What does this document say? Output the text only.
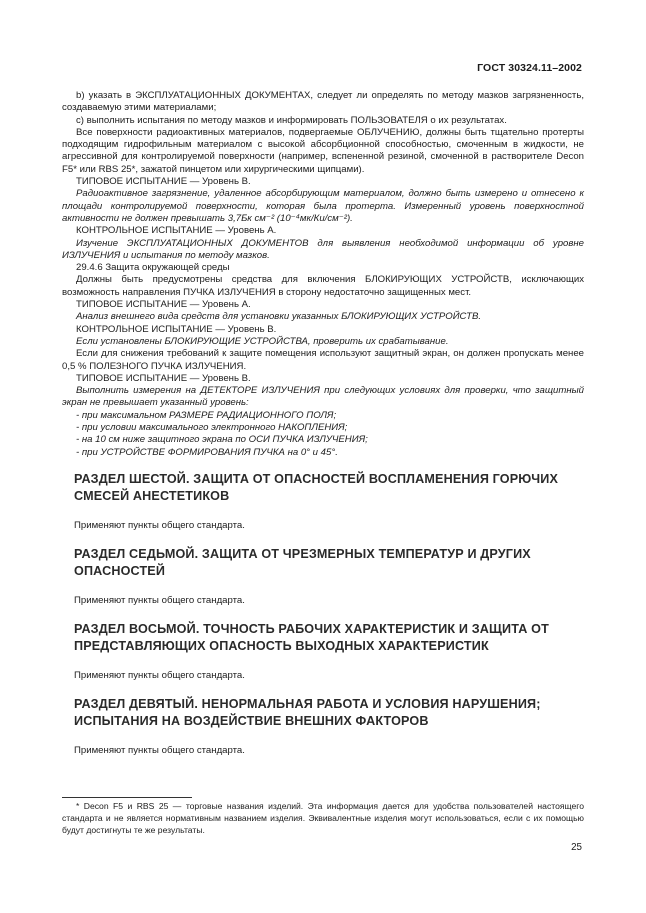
ГОСТ 30324.11–2002

b) указать в ЭКСПЛУАТАЦИОННЫХ ДОКУМЕНТАХ, следует ли определять по методу мазков загрязненность, создаваемую этими материалами;

с) выполнить испытания по методу мазков и информировать ПОЛЬЗОВАТЕЛЯ о их результатах.

Все поверхности радиоактивных материалов, подвергаемые ОБЛУЧЕНИЮ, должны быть тщательно протерты подходящим гидрофильным материалом с высокой абсорбционной способностью, смоченным в жидкости, не агрессивной для контролируемой поверхности (например, вспененной резиной, смоченной в растворителе Decon F5* или RBS 25*, зажатой пинцетом или хирургическими щипцами).

ТИПОВОЕ ИСПЫТАНИЕ — Уровень В.

Радиоактивное загрязнение, удаленное абсорбирующим материалом, должно быть измерено и отнесено к площади контролируемой поверхности, которая была протерта. Измеренный уровень поверхностной активности не должен превышать 3,7Бк см⁻² (10⁻⁴мк/Ки/см⁻²).

КОНТРОЛЬНОЕ ИСПЫТАНИЕ — Уровень А.

Изучение ЭКСПЛУАТАЦИОННЫХ ДОКУМЕНТОВ для выявления необходимой информации об уровне ИЗЛУЧЕНИЯ и испытания по методу мазков.

29.4.6 Защита окружающей среды

Должны быть предусмотрены средства для включения БЛОКИРУЮЩИХ УСТРОЙСТВ, исключающих возможность направления ПУЧКА ИЗЛУЧЕНИЯ в сторону недостаточно защищенных мест.

ТИПОВОЕ ИСПЫТАНИЕ — Уровень А.

Анализ внешнего вида средств для установки указанных БЛОКИРУЮЩИХ УСТРОЙСТВ.

КОНТРОЛЬНОЕ ИСПЫТАНИЕ — Уровень В.

Если установлены БЛОКИРУЮЩИЕ УСТРОЙСТВА, проверить их срабатывание.

Если для снижения требований к защите помещения используют защитный экран, он должен пропускать менее 0,5 % ПОЛЕЗНОГО ПУЧКА ИЗЛУЧЕНИЯ.

ТИПОВОЕ ИСПЫТАНИЕ — Уровень В.

Выполнить измерения на ДЕТЕКТОРЕ ИЗЛУЧЕНИЯ при следующих условиях для проверки, что защитный экран не превышает указанный уровень:

- при максимальном РАЗМЕРЕ РАДИАЦИОННОГО ПОЛЯ;

- при условии максимального электронного НАКОПЛЕНИЯ;

- на 10 см ниже защитного экрана по ОСИ ПУЧКА ИЗЛУЧЕНИЯ;

- при УСТРОЙСТВЕ ФОРМИРОВАНИЯ ПУЧКА на 0° и 45°.

РАЗДЕЛ ШЕСТОЙ. ЗАЩИТА ОТ ОПАСНОСТЕЙ ВОСПЛАМЕНЕНИЯ ГОРЮЧИХ СМЕСЕЙ АНЕСТЕТИКОВ

Применяют пункты общего стандарта.

РАЗДЕЛ СЕДЬМОЙ. ЗАЩИТА ОТ ЧРЕЗМЕРНЫХ ТЕМПЕРАТУР И ДРУГИХ ОПАСНОСТЕЙ

Применяют пункты общего стандарта.

РАЗДЕЛ ВОСЬМОЙ. ТОЧНОСТЬ РАБОЧИХ ХАРАКТЕРИСТИК И ЗАЩИТА ОТ ПРЕДСТАВЛЯЮЩИХ ОПАСНОСТЬ ВЫХОДНЫХ ХАРАКТЕРИСТИК

Применяют пункты общего стандарта.

РАЗДЕЛ ДЕВЯТЫЙ. НЕНОРМАЛЬНАЯ РАБОТА И УСЛОВИЯ НАРУШЕНИЯ; ИСПЫТАНИЯ НА ВОЗДЕЙСТВИЕ ВНЕШНИХ ФАКТОРОВ

Применяют пункты общего стандарта.

* Decon F5 и RBS 25 — торговые названия изделий. Эта информация дается для удобства пользователей настоящего стандарта и не является нормативным названием изделия. Эквивалентные изделия могут использоваться, если с их помощью будут достигнуты те же результаты.
25
